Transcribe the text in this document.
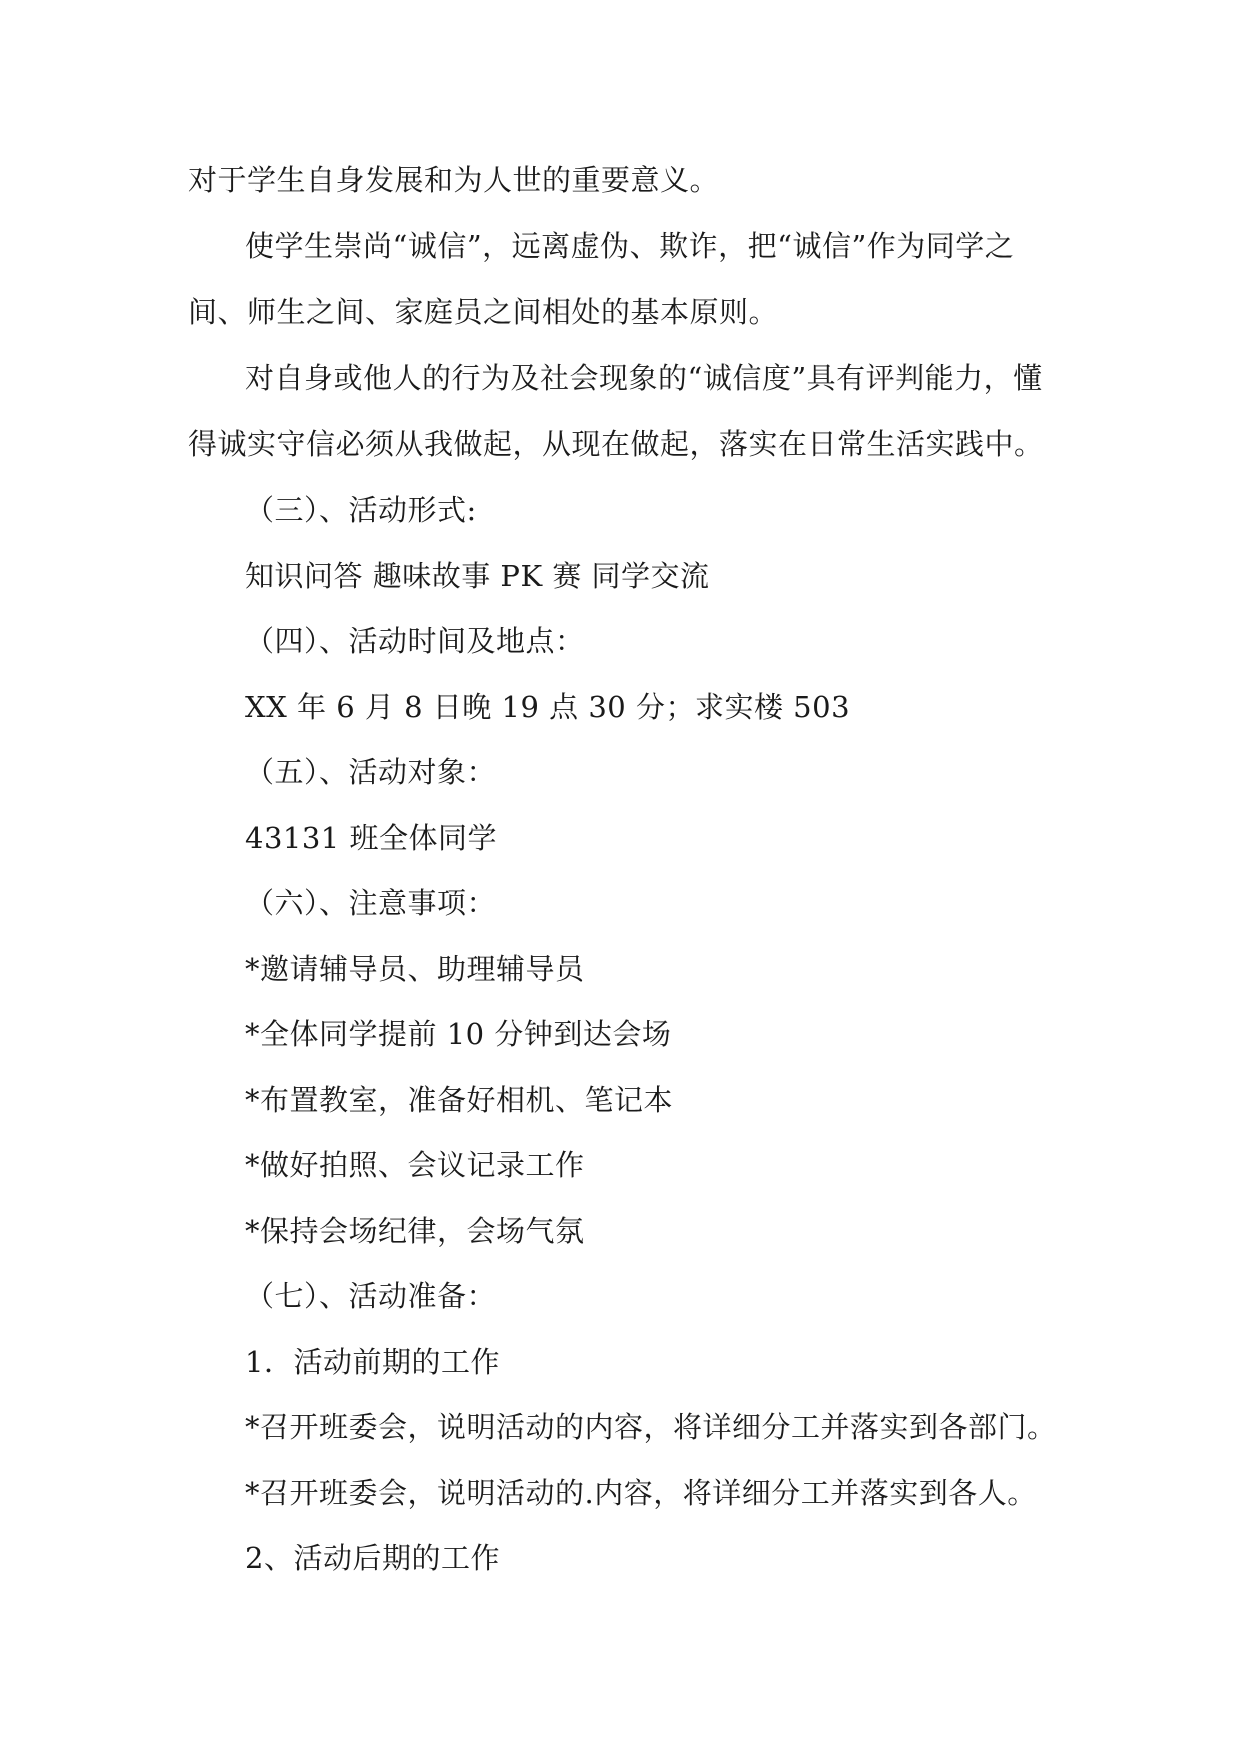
对于学生自身发展和为人世的重要意义。
使学生崇尚“诚信”，远离虚伪、欺诈，把“诚信”作为同学之
间、师生之间、家庭员之间相处的基本原则。
对自身或他人的行为及社会现象的“诚信度”具有评判能力，懂
得诚实守信必须从我做起，从现在做起，落实在日常生活实践中。
（三）、活动形式:
知识问答 趣味故事 PK 赛 同学交流
（四）、活动时间及地点：
XX 年 6 月 8 日晚 19 点 30 分；求实楼 503
（五）、活动对象：
43131 班全体同学
（六）、注意事项：
*邀请辅导员、助理辅导员
*全体同学提前 10 分钟到达会场
*布置教室，准备好相机、笔记本
*做好拍照、会议记录工作
*保持会场纪律，会场气氛
（七）、活动准备：
1．活动前期的工作
*召开班委会，说明活动的内容，将详细分工并落实到各部门。
*召开班委会，说明活动的.内容，将详细分工并落实到各人。
2、活动后期的工作
